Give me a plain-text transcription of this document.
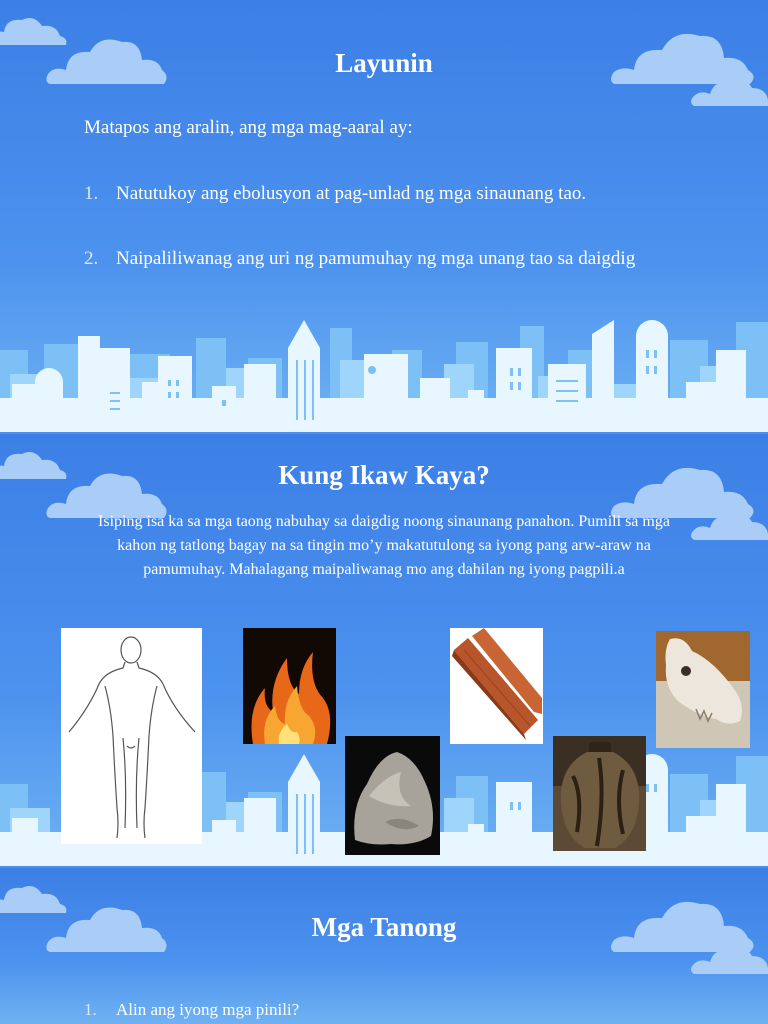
Layunin
Matapos ang aralin, ang mga mag-aaral ay:
1. Natutukoy ang ebolusyon at pag-unlad ng mga sinaunang tao.
2. Naipaliliwanag ang uri ng pamumuhay ng mga unang tao sa daigdig
Kung Ikaw Kaya?
Isiping isa ka sa mga taong nabuhay sa daigdig noong sinaunang panahon. Pumili sa mga kahon ng tatlong bagay na sa tingin mo’y makatutulong sa iyong pang arw-araw na pamumuhay. Mahalagang maipaliwanag mo ang dahilan ng iyong pagpili.a
Mga Tanong
1. Alin ang iyong mga pinili?
